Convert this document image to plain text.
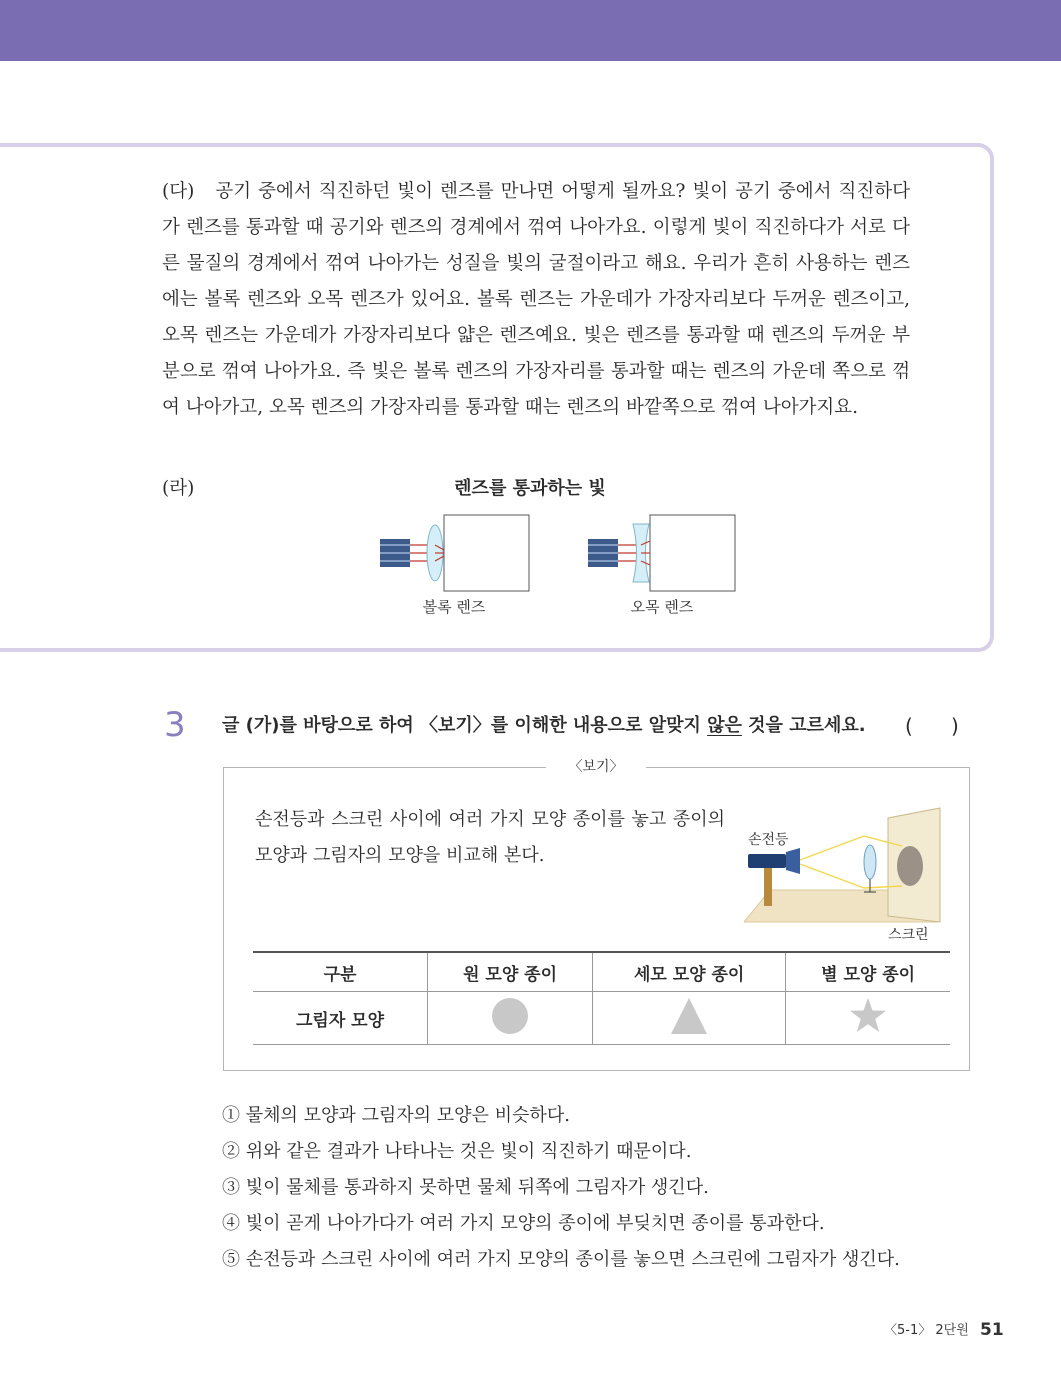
(다) 공기 중에서 직진하던 빛이 렌즈를 만나면 어떻게 될까요? 빛이 공기 중에서 직진하다가 렌즈를 통과할 때 공기와 렌즈의 경계에서 꺾여 나아가요. 이렇게 빛이 직진하다가 서로 다른 물질의 경계에서 꺾여 나아가는 성질을 빛의 굴절이라고 해요. 우리가 흔히 사용하는 렌즈에는 볼록 렌즈와 오목 렌즈가 있어요. 볼록 렌즈는 가운데가 가장자리보다 두꺼운 렌즈이고, 오목 렌즈는 가운데가 가장자리보다 얇은 렌즈예요. 빛은 렌즈를 통과할 때 렌즈의 두꺼운 부분으로 꺾여 나아가요. 즉 빛은 볼록 렌즈의 가장자리를 통과할 때는 렌즈의 가운데 쪽으로 꺾여 나아가고, 오목 렌즈의 가장자리를 통과할 때는 렌즈의 바깥쪽으로 꺾여 나아가지요.

(라)	렌즈를 통과하는 빛
볼록 렌즈	오목 렌즈
3 글 (가)를 바탕으로 하여 〈보기〉를 이해한 내용으로 알맞지 않은 것을 고르세요. (      )
〈보기〉

손전등과 스크린 사이에 여러 가지 모양 종이를 놓고 종이의 모양과 그림자의 모양을 비교해 본다.

손전등
스크린
구분	원 모양 종이	세모 모양 종이	별 모양 종이
그림자 모양			
① 물체의 모양과 그림자의 모양은 비슷하다.
② 위와 같은 결과가 나타나는 것은 빛이 직진하기 때문이다.
③ 빛이 물체를 통과하지 못하면 물체 뒤쪽에 그림자가 생긴다.
④ 빛이 곧게 나아가다가 여러 가지 모양의 종이에 부딪치면 종이를 통과한다.
⑤ 손전등과 스크린 사이에 여러 가지 모양의 종이를 놓으면 스크린에 그림자가 생긴다.
〈5-1〉 2단원 51
